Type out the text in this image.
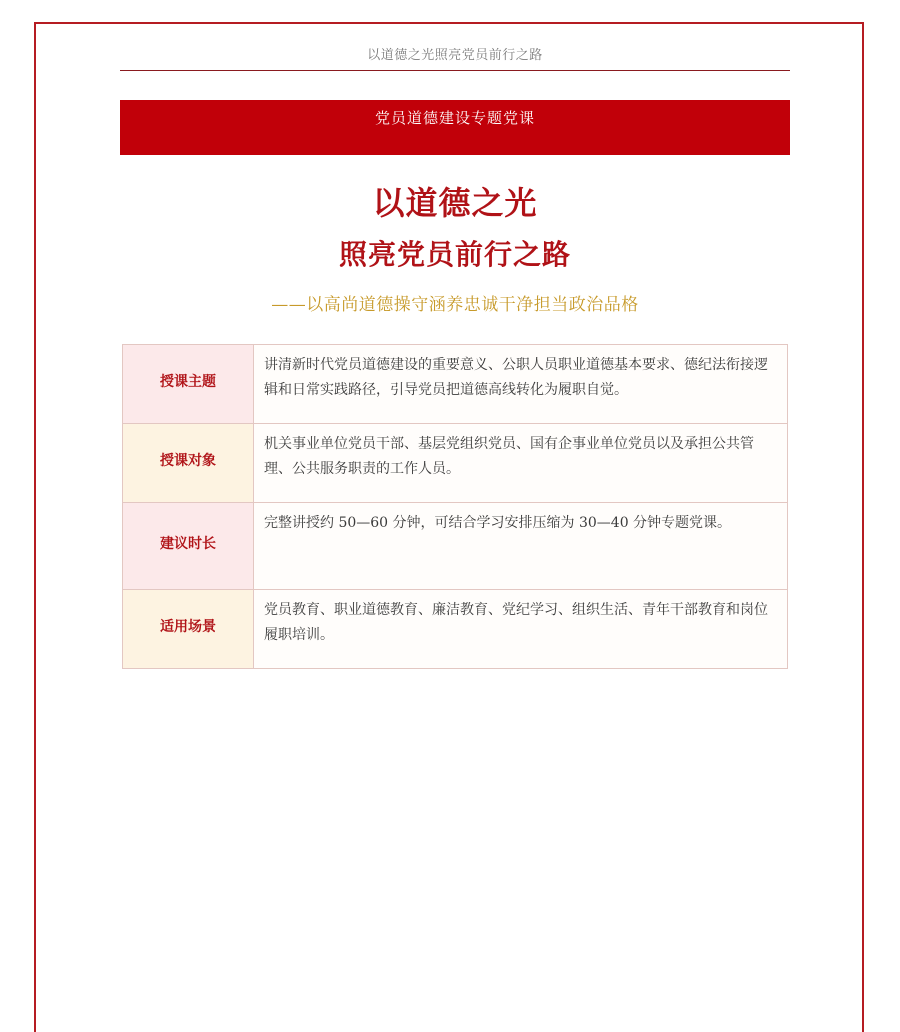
以道德之光照亮党员前行之路
党员道德建设专题党课
以道德之光
照亮党员前行之路
——以高尚道德操守涵养忠诚干净担当政治品格
授课主题	讲清新时代党员道德建设的重要意义、公职人员职业道德基本要求、德纪法衔接逻辑和日常实践路径，引导党员把道德高线转化为履职自觉。
授课对象	机关事业单位党员干部、基层党组织党员、国有企事业单位党员以及承担公共管理、公共服务职责的工作人员。
建议时长	完整讲授约 50—60 分钟，可结合学习安排压缩为 30—40 分钟专题党课。
适用场景	党员教育、职业道德教育、廉洁教育、党纪学习、组织生活、青年干部教育和岗位履职培训。
